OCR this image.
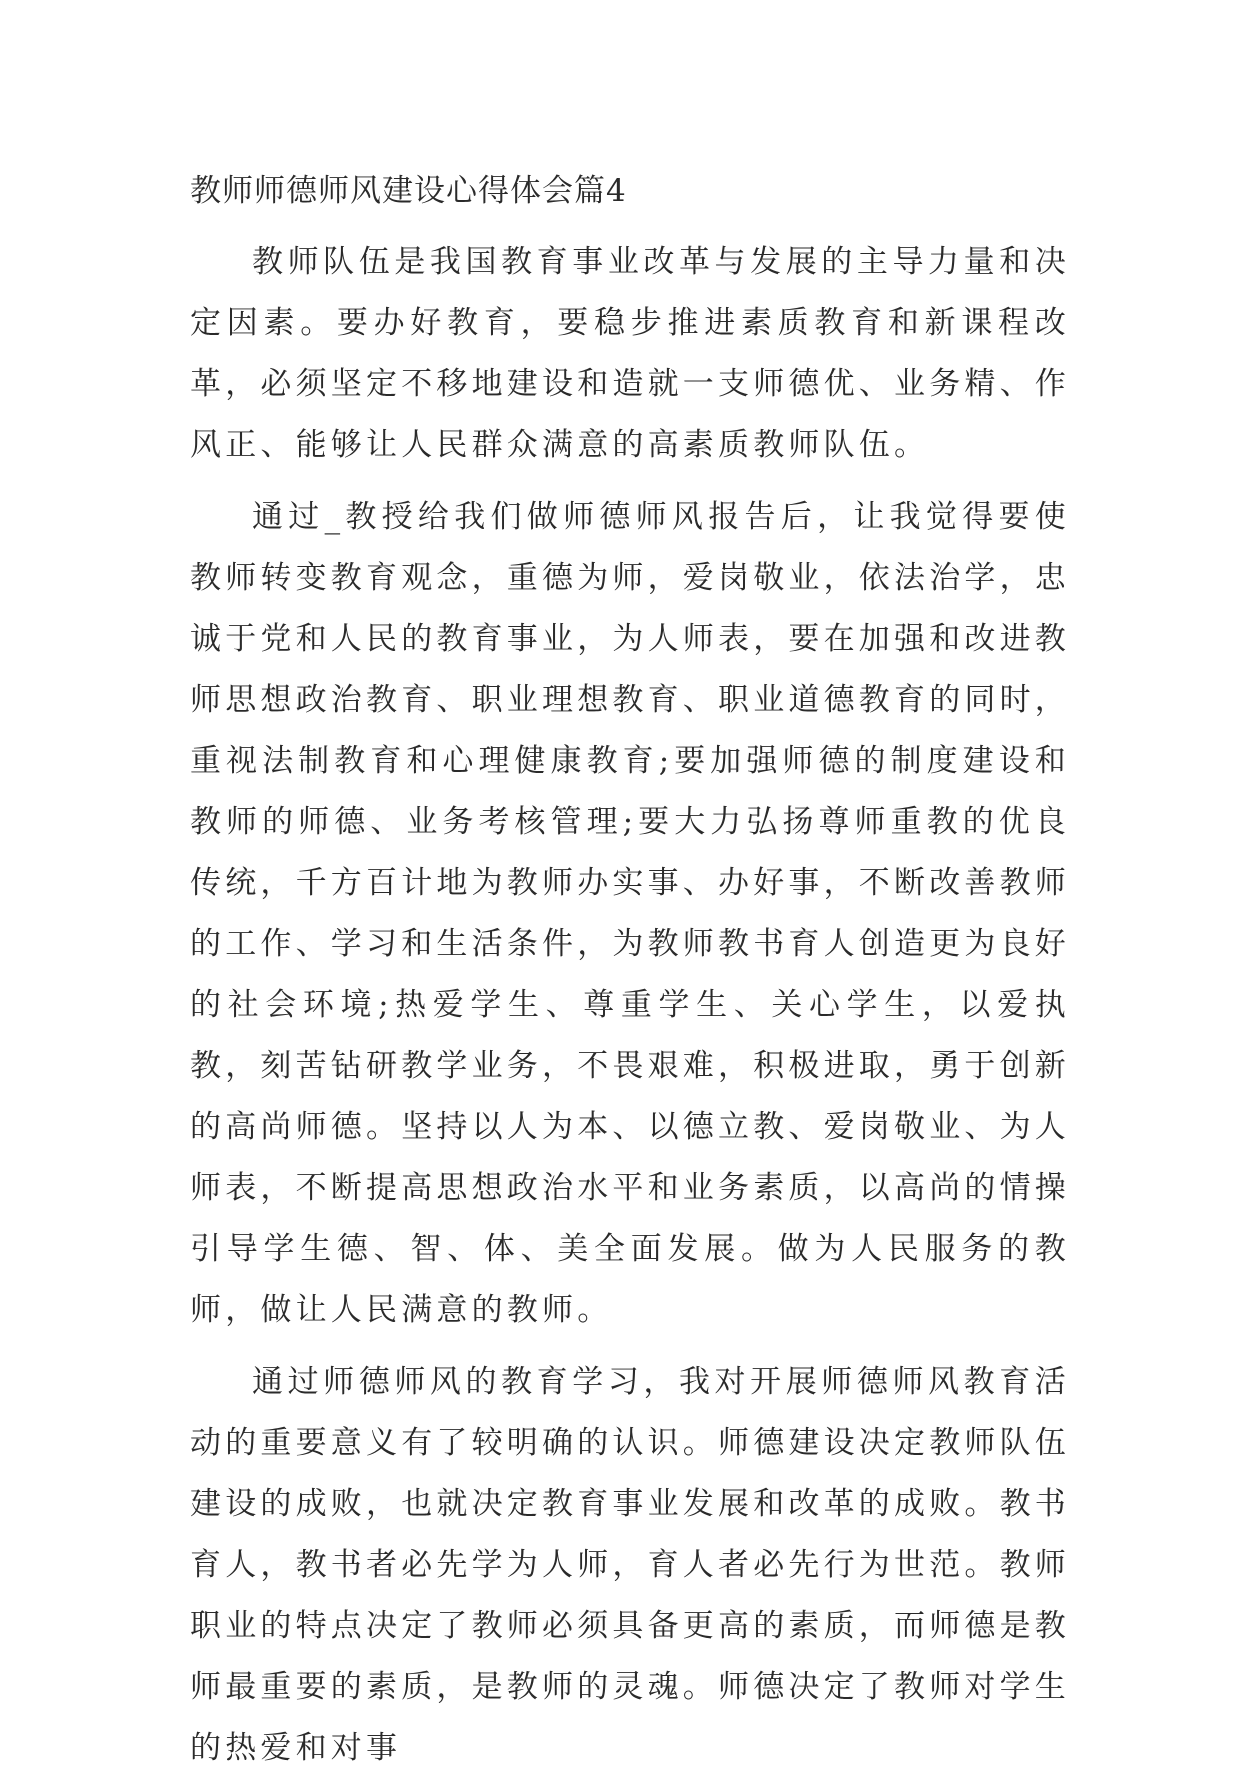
教师师德师风建设心得体会篇4

教师队伍是我国教育事业改革与发展的主导力量和决定因素。要办好教育，要稳步推进素质教育和新课程改革，必须坚定不移地建设和造就一支师德优、业务精、作风正、能够让人民群众满意的高素质教师队伍。

通过_教授给我们做师德师风报告后，让我觉得要使教师转变教育观念，重德为师，爱岗敬业，依法治学，忠诚于党和人民的教育事业，为人师表，要在加强和改进教师思想政治教育、职业理想教育、职业道德教育的同时，重视法制教育和心理健康教育;要加强师德的制度建设和教师的师德、业务考核管理;要大力弘扬尊师重教的优良传统，千方百计地为教师办实事、办好事，不断改善教师的工作、学习和生活条件，为教师教书育人创造更为良好的社会环境;热爱学生、尊重学生、关心学生，以爱执教，刻苦钻研教学业务，不畏艰难，积极进取，勇于创新的高尚师德。坚持以人为本、以德立教、爱岗敬业、为人师表，不断提高思想政治水平和业务素质，以高尚的情操引导学生德、智、体、美全面发展。做为人民服务的教师，做让人民满意的教师。

通过师德师风的教育学习，我对开展师德师风教育活动的重要意义有了较明确的认识。师德建设决定教师队伍建设的成败，也就决定教育事业发展和改革的成败。教书育人，教书者必先学为人师，育人者必先行为世范。教师职业的特点决定了教师必须具备更高的素质，而师德是教师最重要的素质，是教师的灵魂。师德决定了教师对学生的热爱和对事
